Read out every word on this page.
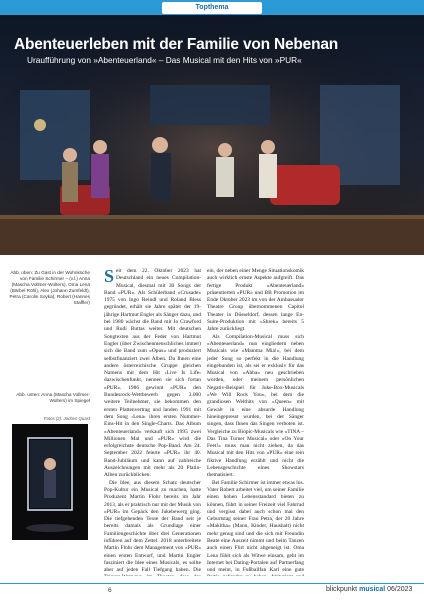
Topthema
Abenteuerleben mit der Familie von Nebenan
Uraufführung von »Abenteuerland« – Das Musical mit den Hits von »PUR«
Abb. oben: Zu Gast in der Wohnküche von Familie Schirmer – (v.l.) Anna (Mascha Vollmer-Wolters), Oma Lena (Bärbel Röhl), Alex (Johann Zumfeldt), Petra (Carolin Soyka), Robert (Hannes Staffler)
Abb. unten: Anna (Mascha Vollmer-Wolters) im Spiegel
Fotos (2): Jochen Quast
S eit dem 22. Oktober 2023 hat Deutschland ein neues Compilation-Musical, diesmal mit 30 Songs der Band »PUR«. Als Schülerband »Crusade« 1975 von Ingo Reindl und Roland Bless gegründet, erhält sie Jahre später der 19-jährige Hartmut Engler als Sänger dazu, und bei 1980 wächst die Band mit Jo Crawford und Rudi Buttas weiter. Mit deutschen Songtexten aus der Feder von Hartmut Engler (über Zwischenmenschliches immer) sich die Band zum »Opus« und produziert selbstfinanziert zwei Alben. Da Ihnen eine andere österreichische Gruppe gleichen Namens mit dem Hit ›Live Is Life‹ dazwischenfunkt, nennen sie sich fortan »PUR«. 1986 gewinnt »PUR« den Bundesrock-Wettbewerb gegen 3.000 weitere Teilnehmer, sie bekommen den ersten Plattenvertrag und landen 1991 mit dem Song ›Lena‹ ihren ersten Nummer-Eins-Hit in den Single-Charts. Das Album »Abenteuerland« verkauft sich 1995 zwei Millionen Mal und »PUR« wird die erfolgreichste deutsche Pop-Band. Am 24. September 2022 feierte »PUR« ihr 40. Band-Jubiläum und kann auf zahlreiche Auszeichnungen mit mehr als 20 Platin-Alben zurückblicken.

Die Idee, aus diesem Schatz deutscher Pop-Kultur ein Musical zu machen, hatte Produzent Martin Flohr bereits im Jahr 2013, als er praktisch nur mit der Musik von »PUR« im Gepäck den Jukebewerg ging. Die tiefgehenden Texte der Band seit je bereits damals als Grundlage einer Familiengeschichte über drei Generationen inführen auf dem Zettel. 2018 unterbreitete Martin Flohr dem Management von »PUR« einen ersten Entwurf, und Martin Engler fasziniert die Idee eines Musicals, es sollte aber auf jeden Fall Tiefgang haben. Die

ein, der neben einer Menge Situationskomik auch wirklich ernste Aspekte aufgreift. Das fertige Produkt »Abenteuerland« präsentierten »PUR« und BB Promotion im Ende Oktober 2023 im von der Ambassador Theatre Group übernommenen Capitol Theater in Düsseldorf, dessen lange En-Suite-Produktion mit »Shrek« bereits 5 Jahre zurückliegt.

Als Compilation-Musical muss sich »Abenteuerland« nun eingliedern neben Musicals wie »Mamma Mia!«, bei dem jeder Song so perfekt in die Handlung eingebunden ist, als sei er exklusiv für das Musical von »Abba« neu geschrieben worden, oder meinem persönlichen Negativ-Beispiel für Juke-Box-Musicals »We Will Rock You«, bei dem die grandiosen Welthits von »Queen« mit Gewalt in eine absurde Handlung hineingepresst wurden, bei der Sänger singen, dass Ihnen das Singen verboten ist. Vergleiche zu Biopic-Musicals wie »TINA – Das Tina Turner Musical« oder »On Your Feet!« muss man nicht ziehen, da das Musical mit den Hits von »PUR« eine rein fiktive Handlung erzählt und nicht die Lebensgeschichte eines Showstars thematisiert.

Bei Familie Schirmer ist immer etwas los. Vater Robert arbeitet viel, um seiner Familie einen hohen Lebensstandard bieten zu können, führt in seiner Freizeit viel Fahrrad und vergisst dabei auch schon mal den Geburtstag seiner Frau Petra, der 20 Jahre »Makltha« (Mann, Kinder, Haushalt) nicht mehr genug sind und die sich mit Freundin Beate eine Auszeit nimmt und beim Tanzen auch einen Flirt nicht abgeneigt ist. Oma Lena fühlt sich als Witwe einsam, geht im Internet bei Dating-Portalen auf Partnerfang und meint, in Fußballfan Karl eine gute

6	blickpunkt musical 06/2023
